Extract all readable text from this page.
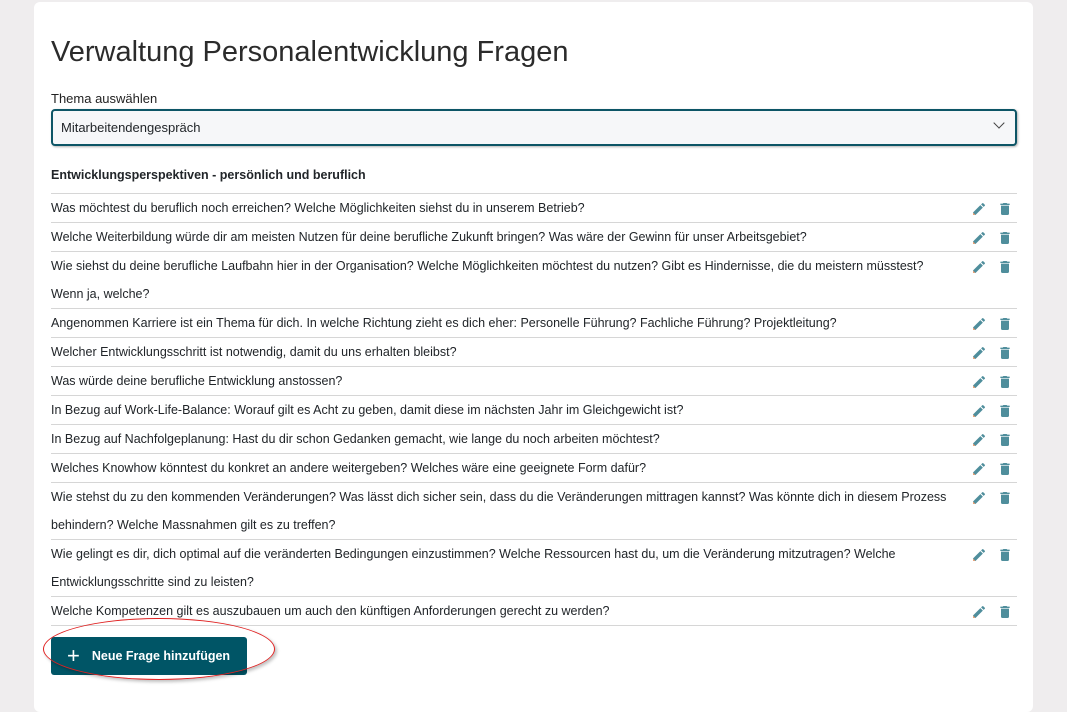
Verwaltung Personalentwicklung Fragen
Thema auswählen
Mitarbeitendengespräch
Entwicklungsperspektiven - persönlich und beruflich
Was möchtest du beruflich noch erreichen? Welche Möglichkeiten siehst du in unserem Betrieb?
Welche Weiterbildung würde dir am meisten Nutzen für deine berufliche Zukunft bringen? Was wäre der Gewinn für unser Arbeitsgebiet?
Wie siehst du deine berufliche Laufbahn hier in der Organisation? Welche Möglichkeiten möchtest du nutzen? Gibt es Hindernisse, die du meistern müsstest? Wenn ja, welche?
Angenommen Karriere ist ein Thema für dich. In welche Richtung zieht es dich eher: Personelle Führung? Fachliche Führung? Projektleitung?
Welcher Entwicklungsschritt ist notwendig, damit du uns erhalten bleibst?
Was würde deine berufliche Entwicklung anstossen?
In Bezug auf Work-Life-Balance: Worauf gilt es Acht zu geben, damit diese im nächsten Jahr im Gleichgewicht ist?
In Bezug auf Nachfolgeplanung: Hast du dir schon Gedanken gemacht, wie lange du noch arbeiten möchtest?
Welches Knowhow könntest du konkret an andere weitergeben? Welches wäre eine geeignete Form dafür?
Wie stehst du zu den kommenden Veränderungen? Was lässt dich sicher sein, dass du die Veränderungen mittragen kannst? Was könnte dich in diesem Prozess behindern? Welche Massnahmen gilt es zu treffen?
Wie gelingt es dir, dich optimal auf die veränderten Bedingungen einzustimmen? Welche Ressourcen hast du, um die Veränderung mitzutragen? Welche Entwicklungsschritte sind zu leisten?
Welche Kompetenzen gilt es auszubauen um auch den künftigen Anforderungen gerecht zu werden?
+ Neue Frage hinzufügen
